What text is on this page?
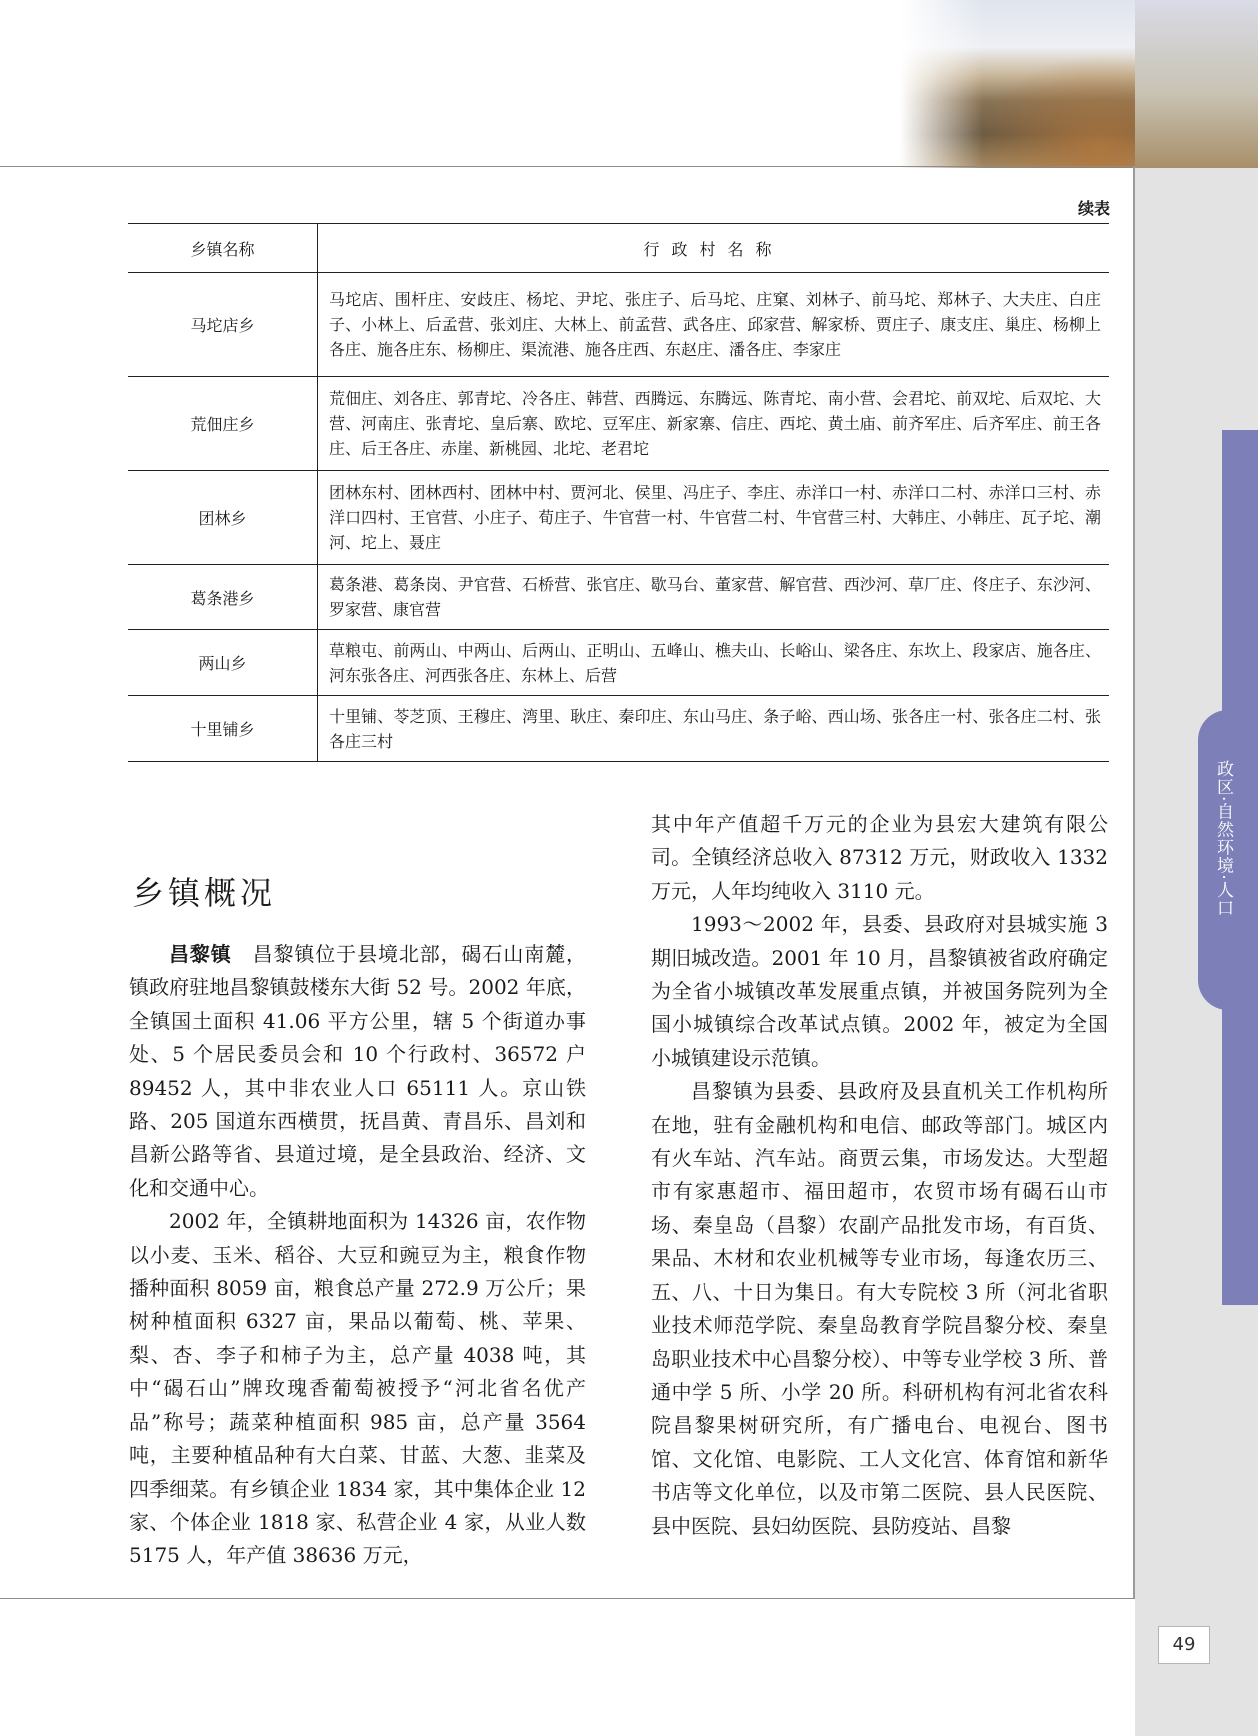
政区·自然环境·人口
续表
乡镇名称	行政村名称
马坨店乡	马坨店、围杆庄、安歧庄、杨坨、尹坨、张庄子、后马坨、庄窠、刘林子、前马坨、郑林子、大夫庄、白庄子、小林上、后孟营、张刘庄、大林上、前孟营、武各庄、邱家营、解家桥、贾庄子、康支庄、巢庄、杨柳上各庄、施各庄东、杨柳庄、渠流港、施各庄西、东赵庄、潘各庄、李家庄
荒佃庄乡	荒佃庄、刘各庄、郭青坨、冷各庄、韩营、西腾远、东腾远、陈青坨、南小营、会君坨、前双坨、后双坨、大营、河南庄、张青坨、皇后寨、欧坨、豆军庄、新家寨、信庄、西坨、黄土庙、前齐军庄、后齐军庄、前王各庄、后王各庄、赤崖、新桃园、北坨、老君坨
团林乡	团林东村、团林西村、团林中村、贾河北、侯里、冯庄子、李庄、赤洋口一村、赤洋口二村、赤洋口三村、赤洋口四村、王官营、小庄子、荀庄子、牛官营一村、牛官营二村、牛官营三村、大韩庄、小韩庄、瓦子坨、潮河、坨上、聂庄
葛条港乡	葛条港、葛条岗、尹官营、石桥营、张官庄、歇马台、董家营、解官营、西沙河、草厂庄、佟庄子、东沙河、罗家营、康官营
两山乡	草粮屯、前两山、中两山、后两山、正明山、五峰山、樵夫山、长峪山、梁各庄、东坎上、段家店、施各庄、河东张各庄、河西张各庄、东林上、后营
十里铺乡	十里铺、苓芝顶、王穆庄、湾里、耿庄、秦印庄、东山马庄、条子峪、西山场、张各庄一村、张各庄二村、张各庄三村
乡镇概况

昌黎镇　 昌黎镇位于县境北部，碣石山南麓，镇政府驻地昌黎镇鼓楼东大街 52 号。2002 年底，全镇国土面积 41.06 平方公里，辖 5 个街道办事处、5 个居民委员会和 10 个行政村、36572 户 89452 人，其中非农业人口 65111 人。京山铁路、205 国道东西横贯，抚昌黄、青昌乐、昌刘和昌新公路等省、县道过境，是全县政治、经济、文化和交通中心。

2002 年，全镇耕地面积为 14326 亩，农作物以小麦、玉米、稻谷、大豆和豌豆为主，粮食作物播种面积 8059 亩，粮食总产量 272.9 万公斤；果树种植面积 6327 亩，果品以葡萄、桃、苹果、梨、杏、李子和柿子为主，总产量 4038 吨，其中“碣石山”牌玫瑰香葡萄被授予“河北省名优产品”称号；蔬菜种植面积 985 亩，总产量 3564 吨，主要种植品种有大白菜、甘蓝、大葱、韭菜及四季细菜。有乡镇企业 1834 家，其中集体企业 12 家、个体企业 1818 家、私营企业 4 家，从业人数 5175 人，年产值 38636 万元，

其中年产值超千万元的企业为县宏大建筑有限公司。全镇经济总收入 87312 万元，财政收入 1332 万元，人年均纯收入 3110 元。

1993～2002 年，县委、县政府对县城实施 3 期旧城改造。2001 年 10 月，昌黎镇被省政府确定为全省小城镇改革发展重点镇，并被国务院列为全国小城镇综合改革试点镇。2002 年，被定为全国小城镇建设示范镇。

昌黎镇为县委、县政府及县直机关工作机构所在地，驻有金融机构和电信、邮政等部门。城区内有火车站、汽车站。商贾云集，市场发达。大型超市有家惠超市、福田超市，农贸市场有碣石山市场、秦皇岛（昌黎）农副产品批发市场，有百货、果品、木材和农业机械等专业市场，每逢农历三、五、八、十日为集日。有大专院校 3 所（河北省职业技术师范学院、秦皇岛教育学院昌黎分校、秦皇岛职业技术中心昌黎分校）、中等专业学校 3 所、普通中学 5 所、小学 20 所。科研机构有河北省农科院昌黎果树研究所，有广播电台、电视台、图书馆、文化馆、电影院、工人文化宫、体育馆和新华书店等文化单位，以及市第二医院、县人民医院、县中医院、县妇幼医院、县防疫站、昌黎

49
